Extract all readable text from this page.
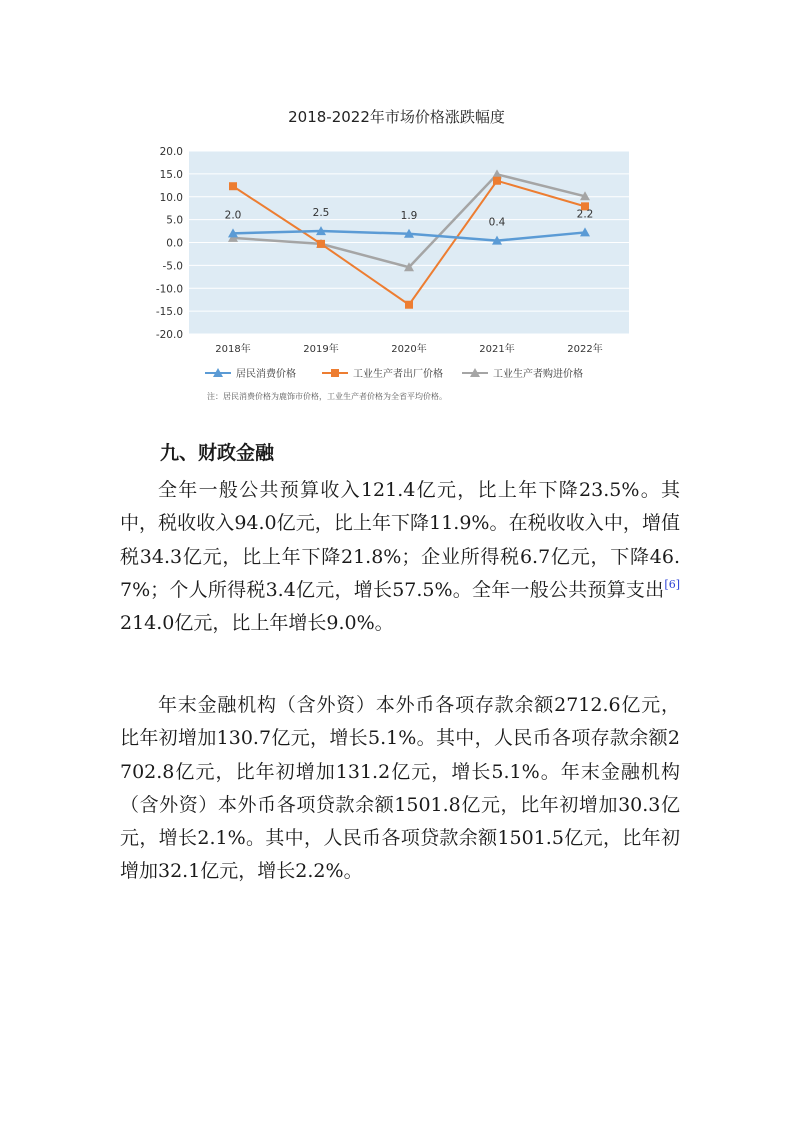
2018-2022年市场价格涨跌幅度
20.0
15.0
10.0
5.0
0.0
-5.0
-10.0
-15.0
-20.0
2018年	2019年	2020年	2021年	2022年
2.0	2.5	1.9
0.4
2.2
居民消费价格	工业生产者出厂价格	工业生产者购进价格
注：居民消费价格为鹿饰市价格，工业生产者价格为全省平均价格。
九、财政金融

全年一般公共预算收入121.4亿元，比上年下降23.5%。其中，税收收入94.0亿元，比上年下降11.9%。在税收收入中，增值税34.3亿元，比上年下降21.8%；企业所得税6.7亿元，下降46.7%；个人所得税3.4亿元，增长57.5%。全年一般公共预算支出[6]214.0亿元，比上年增长9.0%。

年末金融机构（含外资）本外币各项存款余额2712.6亿元，比年初增加130.7亿元，增长5.1%。其中，人民币各项存款余额2702.8亿元，比年初增加131.2亿元，增长5.1%。年末金融机构（含外资）本外币各项贷款余额1501.8亿元，比年初增加30.3亿元，增长2.1%。其中，人民币各项贷款余额1501.5亿元，比年初增加32.1亿元，增长2.2%。
